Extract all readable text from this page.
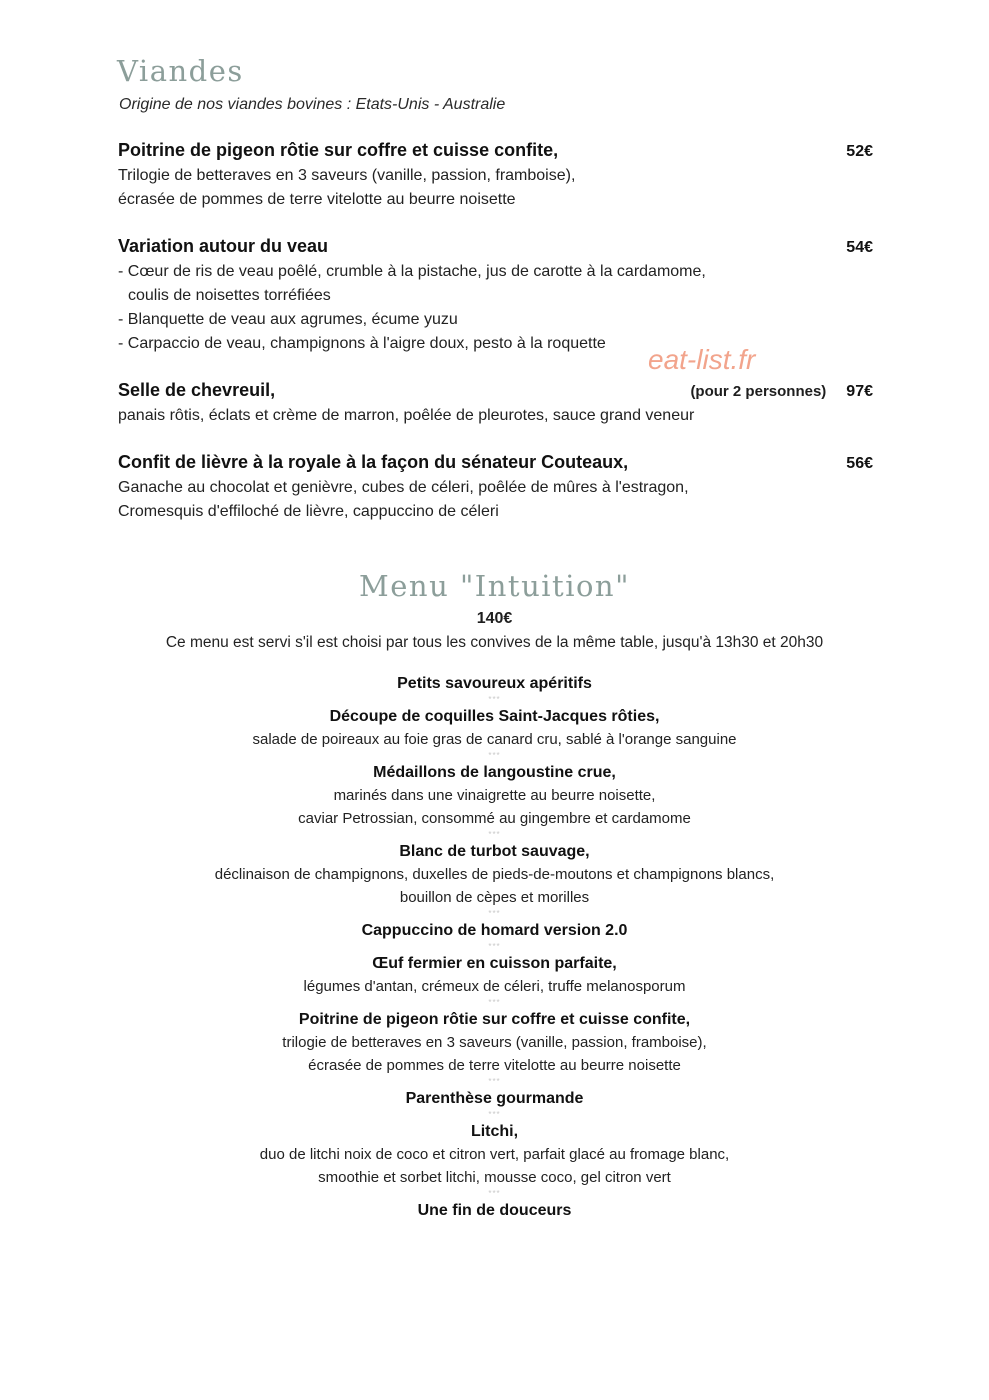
Viandes
Origine de nos viandes bovines : Etats-Unis - Australie
Poitrine de pigeon rôtie sur coffre et cuisse confite,	52€
Trilogie de betteraves en 3 saveurs (vanille, passion, framboise),
écrasée de pommes de terre vitelotte au beurre noisette
Variation autour du veau	54€
- Cœur de ris de veau poêlé, crumble à la pistache, jus de carotte à la cardamome,
coulis de noisettes torréfiées
- Blanquette de veau aux agrumes, écume yuzu
- Carpaccio de veau, champignons à l'aigre doux, pesto à la roquette
eat-list.fr
Selle de chevreuil,	(pour 2 personnes) 97€
panais rôtis, éclats et crème de marron, poêlée de pleurotes, sauce grand veneur
Confit de lièvre à la royale à la façon du sénateur Couteaux,	56€
Ganache au chocolat et genièvre, cubes de céleri, poêlée de mûres à l'estragon,
Cromesquis d'effiloché de lièvre, cappuccino de céleri
Menu "Intuition"
140€
Ce menu est servi s'il est choisi par tous les convives de la même table, jusqu'à 13h30 et 20h30
Petits savoureux apéritifs
***
Découpe de coquilles Saint-Jacques rôties,
salade de poireaux au foie gras de canard cru, sablé à l'orange sanguine
***
Médaillons de langoustine crue,
marinés dans une vinaigrette au beurre noisette,
caviar Petrossian, consommé au gingembre et cardamome
***
Blanc de turbot sauvage,
déclinaison de champignons, duxelles de pieds-de-moutons et champignons blancs,
bouillon de cèpes et morilles
***
Cappuccino de homard version 2.0
***
Œuf fermier en cuisson parfaite,
légumes d'antan, crémeux de céleri, truffe melanosporum
***
Poitrine de pigeon rôtie sur coffre et cuisse confite,
trilogie de betteraves en 3 saveurs (vanille, passion, framboise),
écrasée de pommes de terre vitelotte au beurre noisette
***
Parenthèse gourmande
***
Litchi,
duo de litchi noix de coco et citron vert, parfait glacé au fromage blanc,
smoothie et sorbet litchi, mousse coco, gel citron vert
***
Une fin de douceurs
